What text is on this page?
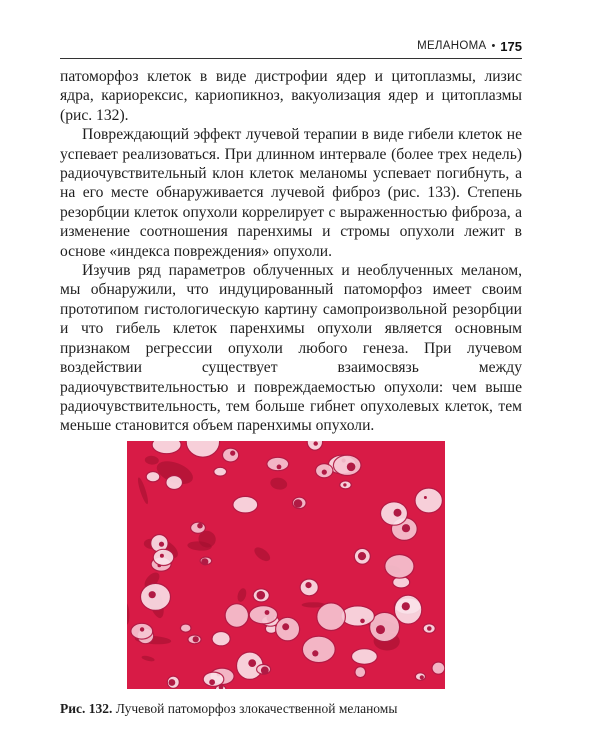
МЕЛАНОМА • 175

патоморфоз клеток в виде дистрофии ядер и цитоплазмы, лизис ядра, кариорексис, кариопикноз, вакуолизация ядер и цитоплазмы (рис. 132).

Повреждающий эффект лучевой терапии в виде гибели клеток не успевает реализоваться. При длинном интервале (более трех недель) радиочувствительный клон клеток меланомы успевает погибнуть, а на его месте обнаруживается лучевой фиброз (рис. 133). Степень резорбции клеток опухоли коррелирует с выраженностью фиброза, а изменение соотношения паренхимы и стромы опухоли лежит в основе «индекса повреждения» опухоли.

Изучив ряд параметров облученных и необлученных меланом, мы обнаружили, что индуцированный патоморфоз имеет своим прототипом гистологическую картину самопроизвольной резорбции и что гибель клеток паренхимы опухоли является основным признаком регрессии опухоли любого генеза. При лучевом воздействии существует взаимосвязь между радиочувствительностью и повреждаемостью опухоли: чем выше радиочувствительность, тем больше гибнет опухолевых клеток, тем меньше становится объем паренхимы опухоли.

Рис. 132. Лучевой патоморфоз злокачественной меланомы
